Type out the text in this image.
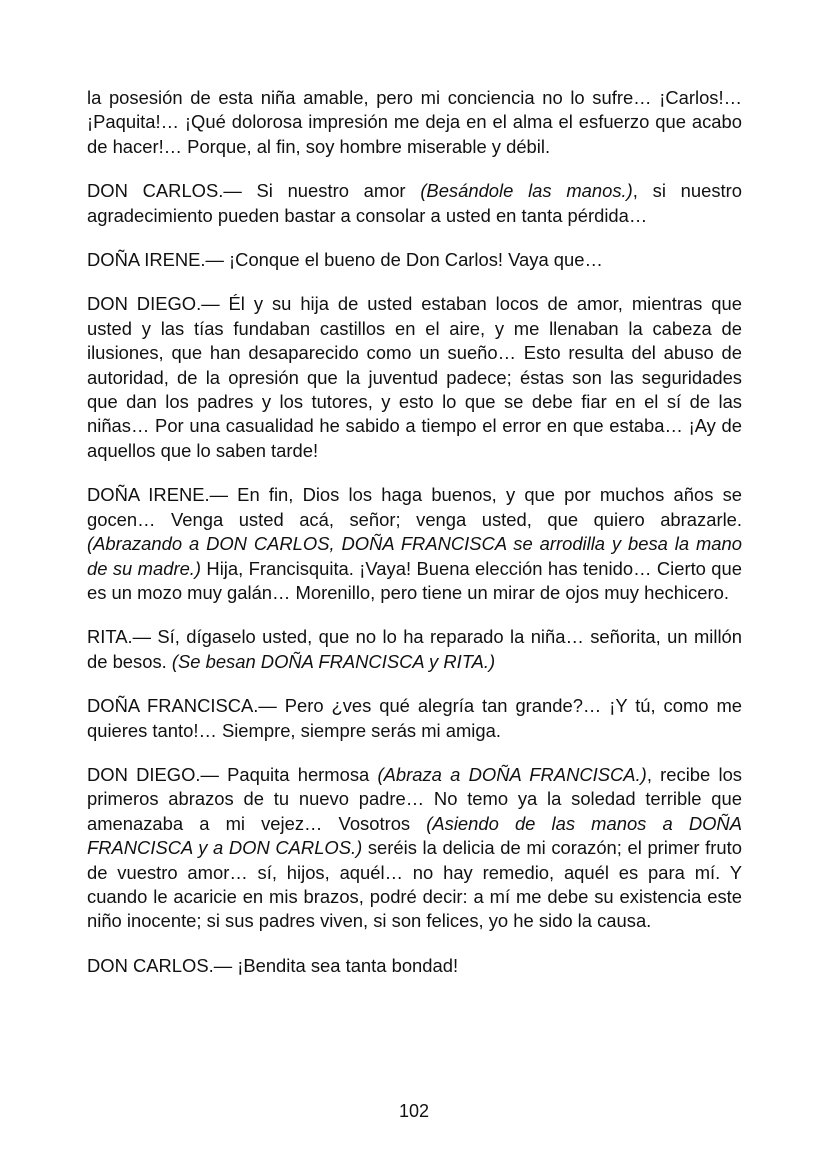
la posesión de esta niña amable, pero mi conciencia no lo sufre… ¡Carlos!… ¡Paquita!… ¡Qué dolorosa impresión me deja en el alma el esfuerzo que acabo de hacer!… Porque, al fin, soy hombre miserable y débil.

DON CARLOS.— Si nuestro amor (Besándole las manos.), si nuestro agradecimiento pueden bastar a consolar a usted en tanta pérdida…

DOÑA IRENE.— ¡Conque el bueno de Don Carlos! Vaya que…

DON DIEGO.— Él y su hija de usted estaban locos de amor, mientras que usted y las tías fundaban castillos en el aire, y me llenaban la cabeza de ilusiones, que han desaparecido como un sueño… Esto resulta del abuso de autoridad, de la opresión que la juventud padece; éstas son las seguridades que dan los padres y los tutores, y esto lo que se debe fiar en el sí de las niñas… Por una casualidad he sabido a tiempo el error en que estaba… ¡Ay de aquellos que lo saben tarde!

DOÑA IRENE.— En fin, Dios los haga buenos, y que por muchos años se gocen… Venga usted acá, señor; venga usted, que quiero abrazarle. (Abrazando a DON CARLOS, DOÑA FRANCISCA se arrodilla y besa la mano de su madre.) Hija, Francisquita. ¡Vaya! Buena elección has tenido… Cierto que es un mozo muy galán… Morenillo, pero tiene un mirar de ojos muy hechicero.

RITA.— Sí, dígaselo usted, que no lo ha reparado la niña… señorita, un millón de besos. (Se besan DOÑA FRANCISCA y RITA.)

DOÑA FRANCISCA.— Pero ¿ves qué alegría tan grande?… ¡Y tú, como me quieres tanto!… Siempre, siempre serás mi amiga.

DON DIEGO.— Paquita hermosa (Abraza a DOÑA FRANCISCA.), recibe los primeros abrazos de tu nuevo padre… No temo ya la soledad terrible que amenazaba a mi vejez… Vosotros (Asiendo de las manos a DOÑA FRANCISCA y a DON CARLOS.) seréis la delicia de mi corazón; el primer fruto de vuestro amor… sí, hijos, aquél… no hay remedio, aquél es para mí. Y cuando le acaricie en mis brazos, podré decir: a mí me debe su existencia este niño inocente; si sus padres viven, si son felices, yo he sido la causa.

DON CARLOS.— ¡Bendita sea tanta bondad!

102
